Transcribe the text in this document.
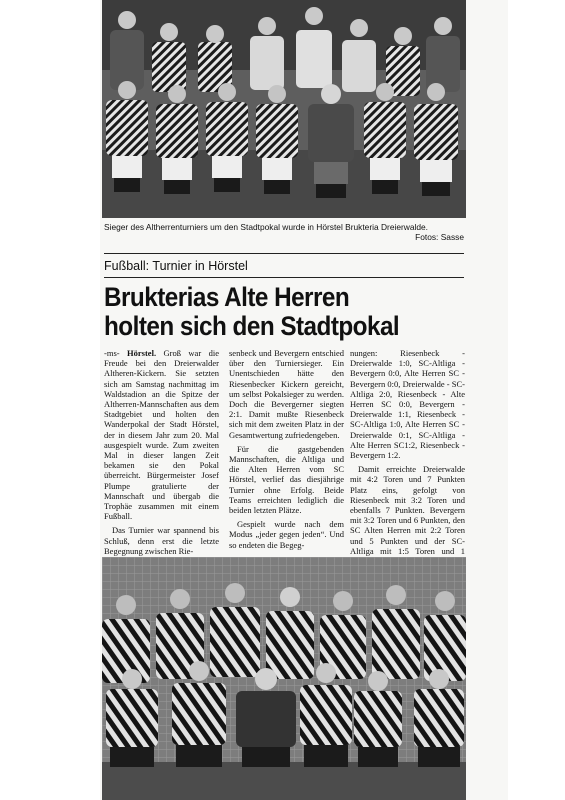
Sieger des Altherrenturniers um den Stadtpokal wurde in Hörstel Brukteria Dreierwalde.
Fotos: Sasse
Fußball: Turnier in Hörstel
Brukterias Alte Herren
holten sich den Stadtpokal

-ms- Hörstel. Groß war die Freude bei den Dreierwalder Altheren-Kickern. Sie setzten sich am Samstag nachmittag im Waldstadion an die Spitze der Altherren-Mannschaften aus dem Stadtgebiet und holten den Wanderpokal der Stadt Hörstel, der in diesem Jahr zum 20. Mal ausgespielt wurde. Zum zweiten Mal in dieser langen Zeit bekamen sie den Pokal überreicht. Bürgermeister Josef Plumpe gratulierte der Mannschaft und übergab die Trophäe zusammen mit einem Fußball.

Das Turnier war spannend bis Schluß, denn erst die letzte Begegnung zwischen Rie-

senbeck und Bevergern entschied über den Turniersieger. Ein Unentschieden hätte den Riesenbecker Kickern gereicht, um selbst Pokalsieger zu werden. Doch die Bevergerner siegten 2:1. Damit mußte Riesenbeck sich mit dem zweiten Platz in der Gesamtwertung zufriedengeben.

Für die gastgebenden Mannschaften, die Altliga und die Alten Herren vom SC Hörstel, verlief das diesjährige Turnier ohne Erfolg. Beide Teams erreichten lediglich die beiden letzten Plätze.

Gespielt wurde nach dem Modus „jeder gegen jeden“. Und so endeten die Begeg-

nungen: Riesenbeck - Dreierwalde 1:0, SC-Altliga - Bevergern 0:0, Alte Herren SC - Bevergern 0:0, Dreierwalde - SC-Altliga 2:0, Riesenbeck - Alte Herren SC 0:0, Bevergern - Dreierwalde 1:1, Riesenbeck - SC-Altliga 1:0, Alte Herren SC - Dreierwalde 0:1, SC-Altliga - Alte Herren SC1:2, Riesenbeck - Bevergern 1:2.

Damit erreichte Dreierwalde mit 4:2 Toren und 7 Punkten Platz eins, gefolgt von Riesenbeck mit 3:2 Toren und ebenfalls 7 Punkten. Bevergern mit 3:2 Toren und 6 Punkten, den SC Alten Herren mit 2:2 Toren und 5 Punkten und der SC-Altliga mit 1:5 Toren und 1
